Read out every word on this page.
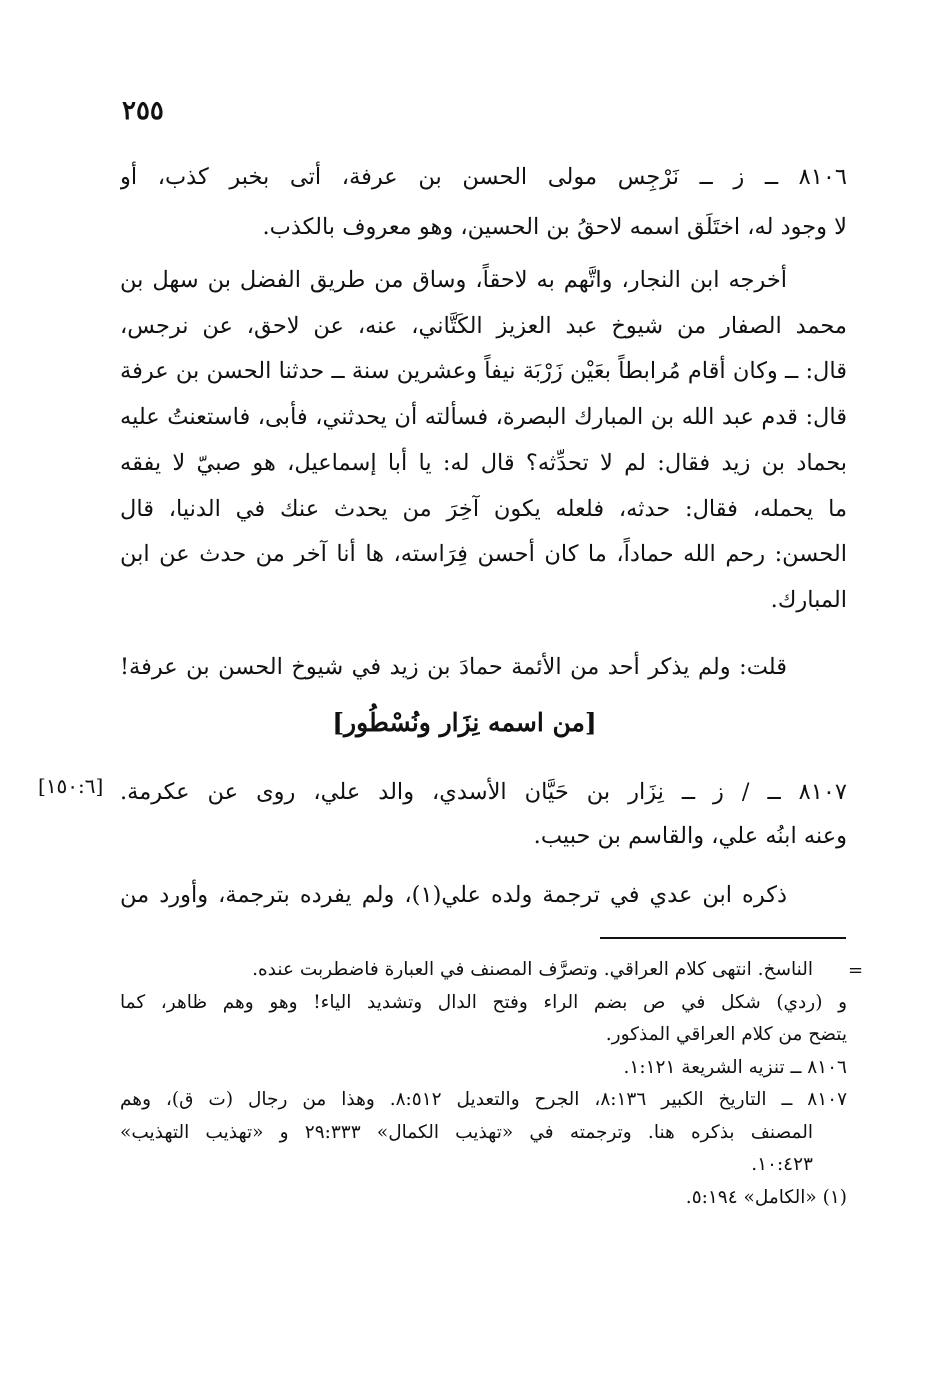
٢٥٥
٨١٠٦ ــ ز ــ نَرْجِس مولى الحسن بن عرفة، أتى بخبر كذب، أو
لا وجود له، اختَلَق اسمه لاحقُ بن الحسين، وهو معروف بالكذب.
أخرجه ابن النجار، واتَّهم به لاحقاً، وساق من طريق الفضل بن سهل بن
محمد الصفار من شيوخ عبد العزيز الكَتَّاني، عنه، عن لاحق، عن نرجس،
قال: ــ وكان أقام مُرابطاً بعَيْن زَرْبَة نيفاً وعشرين سنة ــ حدثنا الحسن بن عرفة
قال: قدم عبد الله بن المبارك البصرة، فسألته أن يحدثني، فأبى، فاستعنتُ عليه
بحماد بن زيد فقال: لم لا تحدِّثه؟ قال له: يا أبا إسماعيل، هو صبيّ لا يفقه
ما يحمله، فقال: حدثه، فلعله يكون آخِرَ من يحدث عنك في الدنيا، قال
الحسن: رحم الله حماداً، ما كان أحسن فِرَاسته، ها أنا آخر من حدث عن ابن
المبارك.
قلت: ولم يذكر أحد من الأئمة حمادَ بن زيد في شيوخ الحسن بن عرفة!
[من اسمه نِزَار ونُسْطُور]
[١٥٠:٦] ٨١٠٧ ــ / ز ــ نِزَار بن حَيَّان الأسدي، والد علي، روى عن عكرمة.
وعنه ابنُه علي، والقاسم بن حبيب.
ذكره ابن عدي في ترجمة ولده علي(١)، ولم يفرده بترجمة، وأورد من
=
الناسخ. انتهى كلام العراقي. وتصرَّف المصنف في العبارة فاضطربت عنده.
و (ردي) شكل في ص بضم الراء وفتح الدال وتشديد الياء! وهو وهم ظاهر، كما
يتضح من كلام العراقي المذكور.
٨١٠٦ ــ تنزيه الشريعة ١:١٢١.
٨١٠٧ ــ التاريخ الكبير ٨:١٣٦، الجرح والتعديل ٨:٥١٢. وهذا من رجال (ت ق)، وهم
المصنف بذكره هنا. وترجمته في «تهذيب الكمال» ٢٩:٣٣٣ و «تهذيب التهذيب»
١٠:٤٢٣.
(١) «الكامل» ٥:١٩٤.
